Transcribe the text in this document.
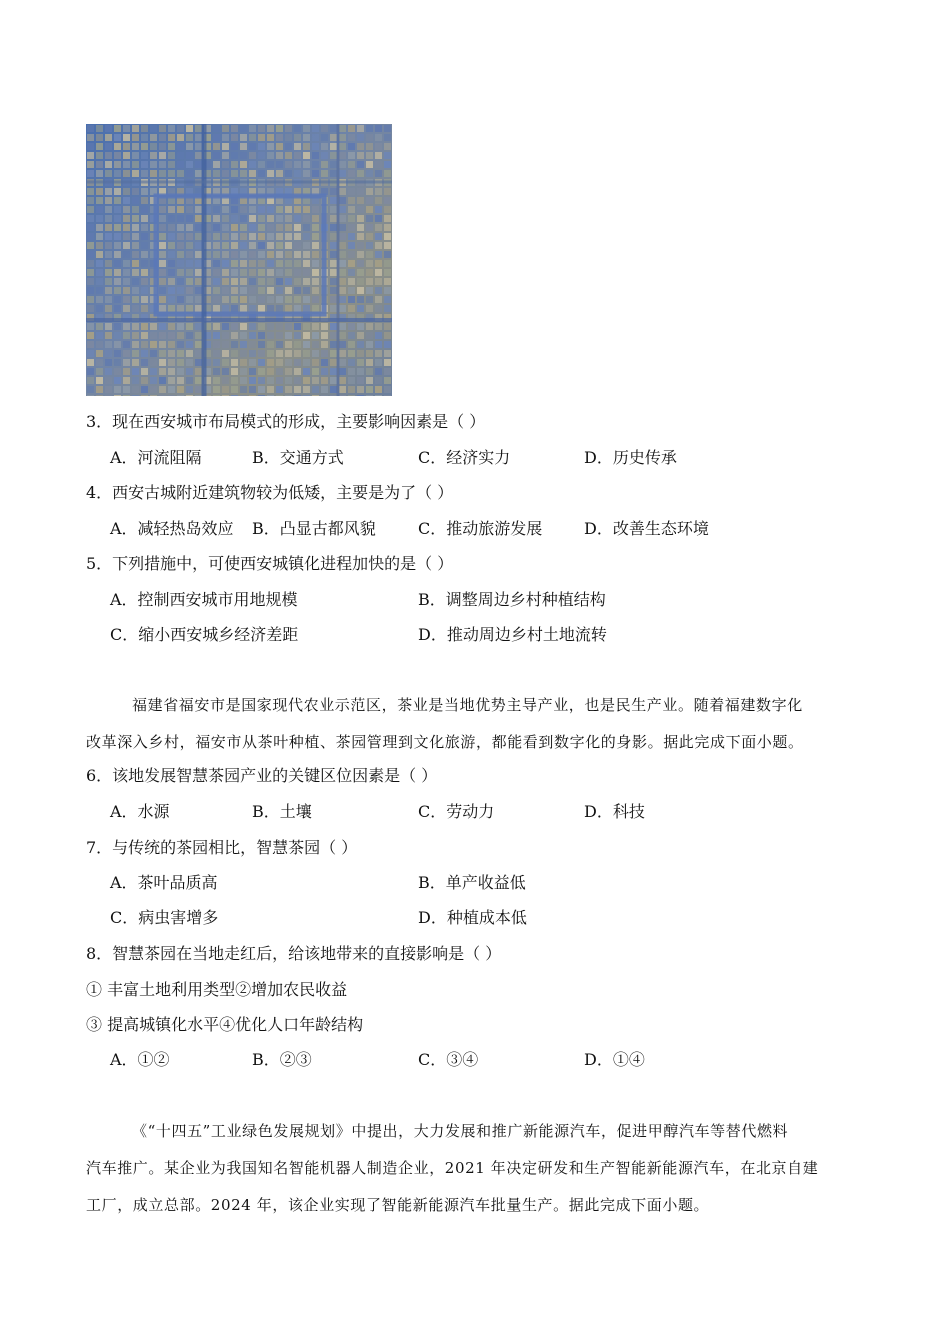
3．现在西安城市布局模式的形成，主要影响因素是（ ）
A．河流阻隔	B．交通方式	C．经济实力	D．历史传承
4．西安古城附近建筑物较为低矮，主要是为了（ ）
A．减轻热岛效应 B．凸显古都风貌	C．推动旅游发展	D．改善生态环境
5．下列措施中，可使西安城镇化进程加快的是（ ）
A．控制西安城市用地规模	B．调整周边乡村种植结构
C．缩小西安城乡经济差距	D．推动周边乡村土地流转
福建省福安市是国家现代农业示范区，茶业是当地优势主导产业，也是民生产业。随着福建数字化
改革深入乡村，福安市从茶叶种植、茶园管理到文化旅游，都能看到数字化的身影。据此完成下面小题。
6．该地发展智慧茶园产业的关键区位因素是（ ）
A．水源	B．土壤	C．劳动力	D．科技
7．与传统的茶园相比，智慧茶园（ ）
A．茶叶品质高	B．单产收益低
C．病虫害增多	D．种植成本低
8．智慧茶园在当地走红后，给该地带来的直接影响是（ ）
① 丰富土地利用类型②增加农民收益
③ 提高城镇化水平④优化人口年龄结构
A．①②	B．②③	C．③④	D．①④
《“十四五”工业绿色发展规划》中提出，大力发展和推广新能源汽车，促进甲醇汽车等替代燃料
汽车推广。某企业为我国知名智能机器人制造企业，2021 年决定研发和生产智能新能源汽车，在北京自建
工厂，成立总部。2024 年，该企业实现了智能新能源汽车批量生产。据此完成下面小题。
